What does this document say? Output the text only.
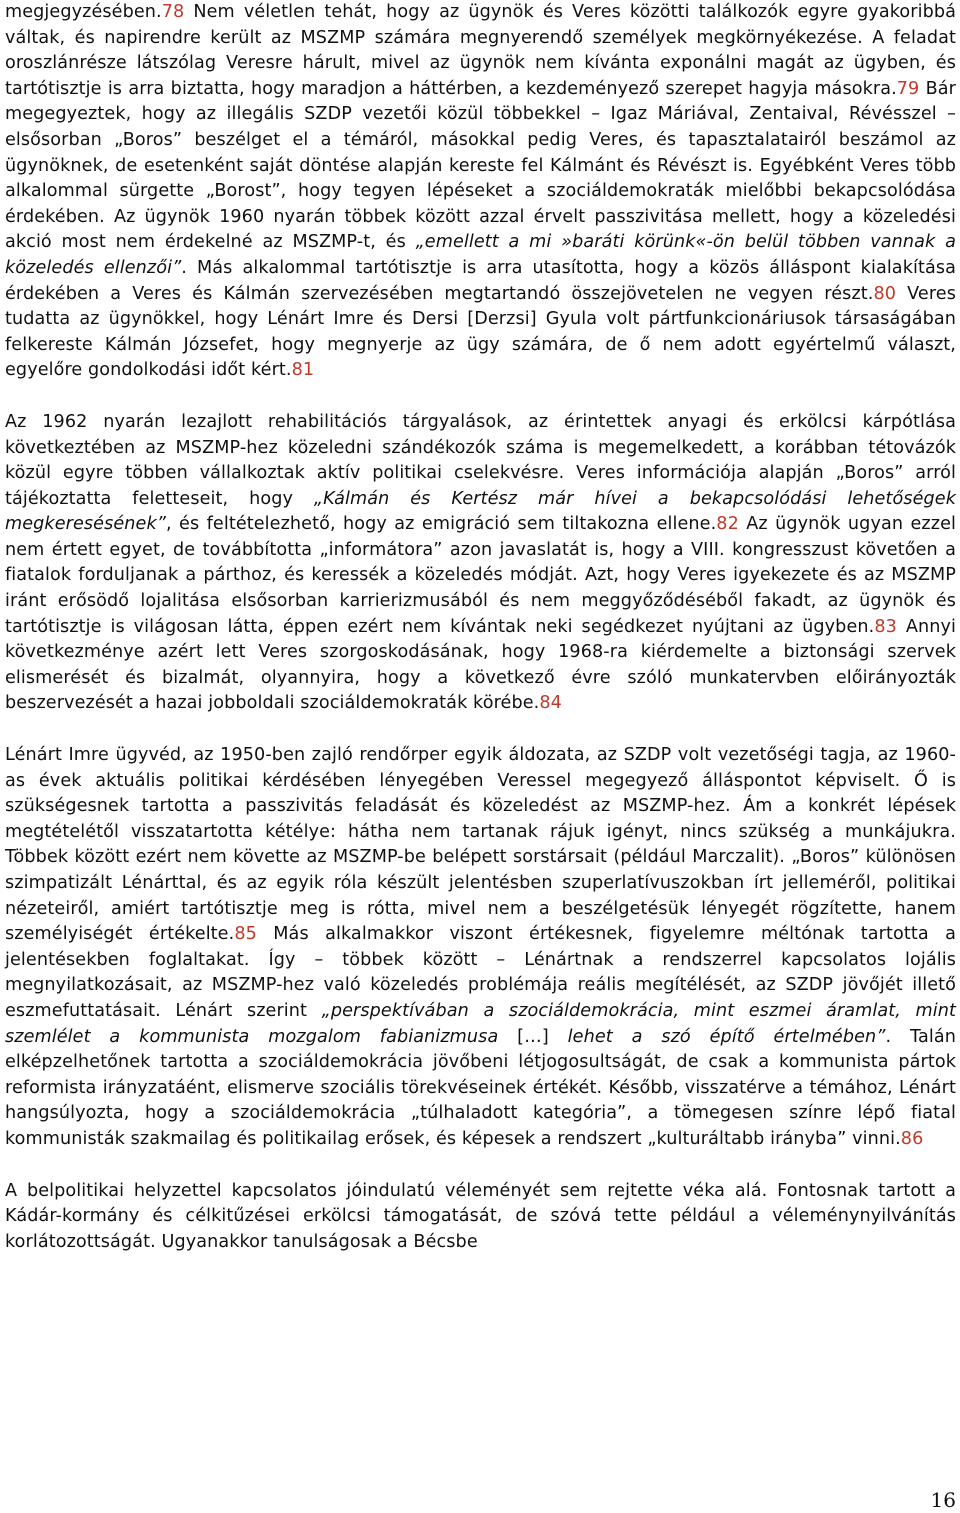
megjegyzésében.78 Nem véletlen tehát, hogy az ügynök és Veres közötti találkozók egyre gyakoribbá váltak, és napirendre került az MSZMP számára megnyerendő személyek megkörnyékezése. A feladat oroszlánrésze látszólag Veresre hárult, mivel az ügynök nem kívánta exponálni magát az ügyben, és tartótisztje is arra biztatta, hogy maradjon a háttérben, a kezdeményező szerepet hagyja másokra.79 Bár megegyeztek, hogy az illegális SZDP vezetői közül többekkel – Igaz Máriával, Zentaival, Révésszel – elsősorban „Boros” beszélget el a témáról, másokkal pedig Veres, és tapasztalatairól beszámol az ügynöknek, de esetenként saját döntése alapján kereste fel Kálmánt és Révészt is. Egyébként Veres több alkalommal sürgette „Borost”, hogy tegyen lépéseket a szociáldemokraták mielőbbi bekapcsolódása érdekében. Az ügynök 1960 nyarán többek között azzal érvelt passzivitása mellett, hogy a közeledési akció most nem érdekelné az MSZMP-t, és „emellett a mi »baráti körünk«-ön belül többen vannak a közeledés ellenzői”. Más alkalommal tartótisztje is arra utasította, hogy a közös álláspont kialakítása érdekében a Veres és Kálmán szervezésében megtartandó összejövetelen ne vegyen részt.80 Veres tudatta az ügynökkel, hogy Lénárt Imre és Dersi [Derzsi] Gyula volt pártfunkcionáriusok társaságában felkereste Kálmán Józsefet, hogy megnyerje az ügy számára, de ő nem adott egyértelmű választ, egyelőre gondolkodási időt kért.81

Az 1962 nyarán lezajlott rehabilitációs tárgyalások, az érintettek anyagi és erkölcsi kárpótlása következtében az MSZMP-hez közeledni szándékozók száma is megemelkedett, a korábban tétovázók közül egyre többen vállalkoztak aktív politikai cselekvésre. Veres információja alapján „Boros” arról tájékoztatta feletteseit, hogy „Kálmán és Kertész már hívei a bekapcsolódási lehetőségek megkeresésének”, és feltételezhető, hogy az emigráció sem tiltakozna ellene.82 Az ügynök ugyan ezzel nem értett egyet, de továbbította „informátora” azon javaslatát is, hogy a VIII. kongresszust követően a fiatalok forduljanak a párthoz, és keressék a közeledés módját. Azt, hogy Veres igyekezete és az MSZMP iránt erősödő lojalitása elsősorban karrierizmusából és nem meggyőződéséből fakadt, az ügynök és tartótisztje is világosan látta, éppen ezért nem kívántak neki segédkezet nyújtani az ügyben.83 Annyi következménye azért lett Veres szorgoskodásának, hogy 1968-ra kiérdemelte a biztonsági szervek elismerését és bizalmát, olyannyira, hogy a következő évre szóló munkatervben előirányozták beszervezését a hazai jobboldali szociáldemokraták körébe.84

Lénárt Imre ügyvéd, az 1950-ben zajló rendőrper egyik áldozata, az SZDP volt vezetőségi tagja, az 1960-as évek aktuális politikai kérdésében lényegében Veressel megegyező álláspontot képviselt. Ő is szükségesnek tartotta a passzivitás feladását és közeledést az MSZMP-hez. Ám a konkrét lépések megtételétől visszatartotta kétélye: hátha nem tartanak rájuk igényt, nincs szükség a munkájukra. Többek között ezért nem követte az MSZMP-be belépett sorstársait (például Marczalit). „Boros” különösen szimpatizált Lénárttal, és az egyik róla készült jelentésben szuperlatívuszokban írt jelleméről, politikai nézeteiről, amiért tartótisztje meg is róttа, mivel nem a beszélgetésük lényegét rögzítette, hanem személyiségét értékelte.85 Más alkalmakkor viszont értékesnek, figyelemre méltónak tartotta a jelentésekben foglaltakat. Így – többek között – Lénártnak a rendszerrel kapcsolatos lojális megnyilatkozásait, az MSZMP-hez való közeledés problémája reális megítélését, az SZDP jövőjét illető eszmefuttatásait. Lénárt szerint „perspektívában a szociáldemokrácia, mint eszmei áramlat, mint szemlélet a kommunista mozgalom fabianizmusa […] lehet a szó építő értelmében”. Talán elképzelhetőnek tartotta a szociáldemokrácia jövőbeni létjogosultságát, de csak a kommunista pártok reformista irányzatáént, elismerve szociális törekvéseinek értékét. Később, visszatérve a témához, Lénárt hangsúlyozta, hogy a szociáldemokrácia „túlhaladott kategória”, a tömegesen színre lépő fiatal kommunisták szakmailag és politikailag erősek, és képesek a rendszert „kulturáltabb irányba” vinni.86

A belpolitikai helyzettel kapcsolatos jóindulatú véleményét sem rejtette véka alá. Fontosnak tartott a Kádár-kormány és célkitűzései erkölcsi támogatását, de szóvá tette például a véleménynyilvánítás korlátozottságát. Ugyanakkor tanulságosak a Bécsbe

16
